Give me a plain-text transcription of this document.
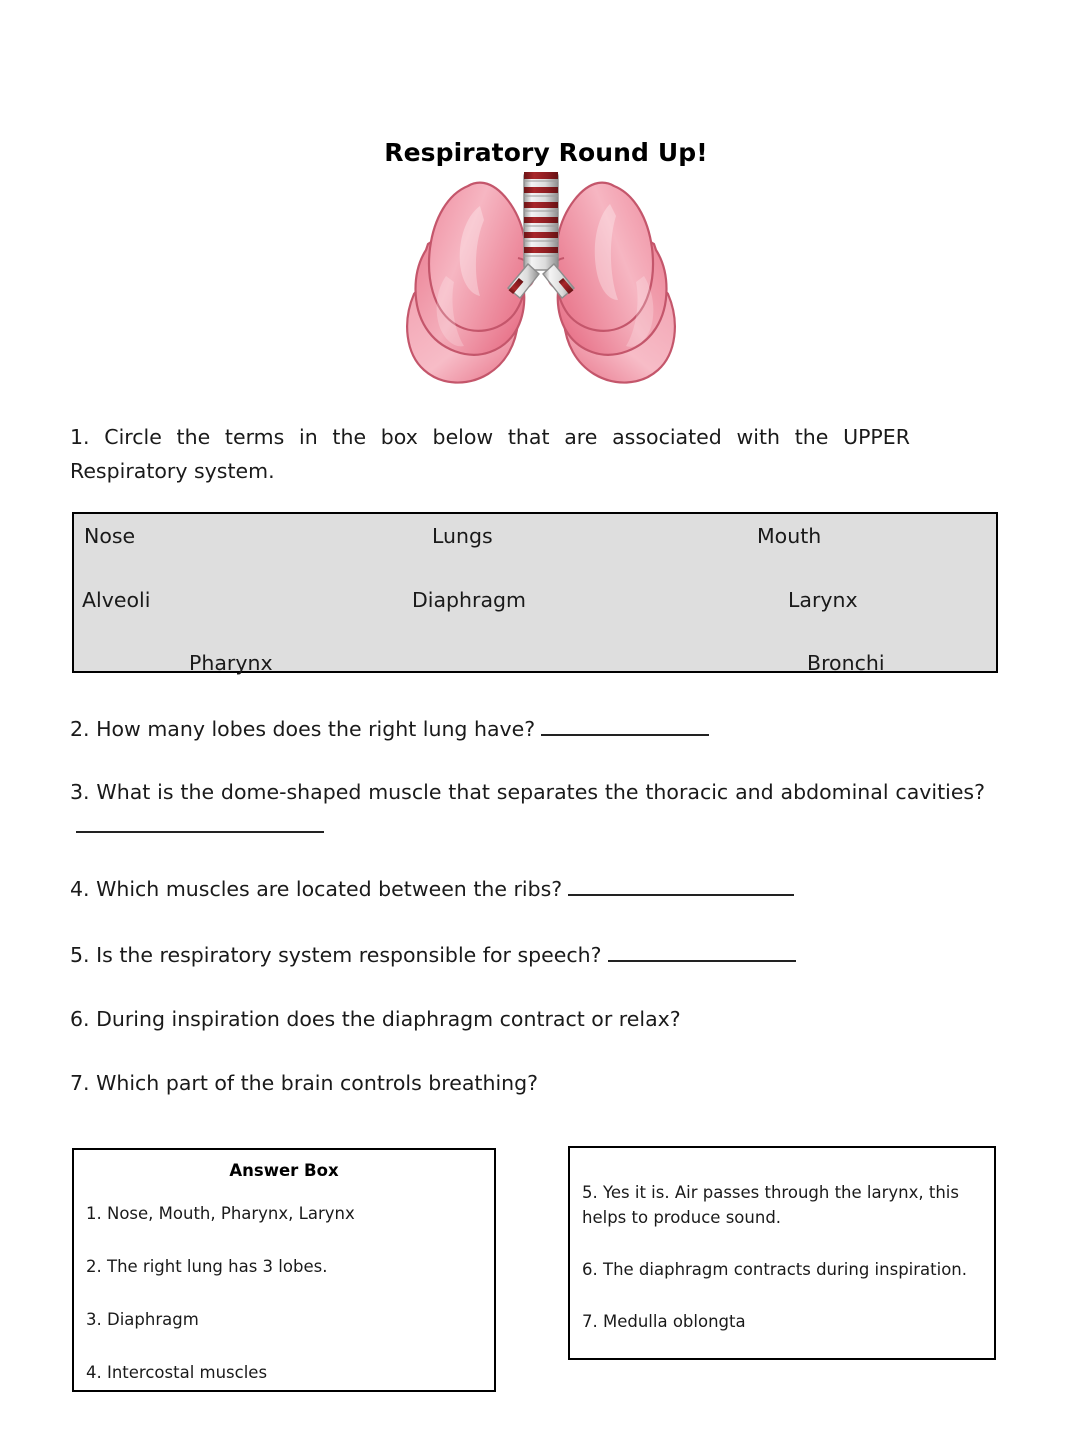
Respiratory Round Up!
1. Circle the terms in the box below that are associated with the UPPER Respiratory system.
Nose	Lungs	Mouth
Alveoli	Diaphragm	Larynx
Pharynx	Bronchi
2. How many lobes does the right lung have?
3. What is the dome-shaped muscle that separates the thoracic and abdominal cavities?
4. Which muscles are located between the ribs?
5. Is the respiratory system responsible for speech?
6. During inspiration does the diaphragm contract or relax?
7. Which part of the brain controls breathing?
Answer Box
1. Nose, Mouth, Pharynx, Larynx
2. The right lung has 3 lobes.
3. Diaphragm
4. Intercostal muscles
5. Yes it is. Air passes through the larynx, this helps to produce sound.
6. The diaphragm contracts during inspiration.
7. Medulla oblongta
